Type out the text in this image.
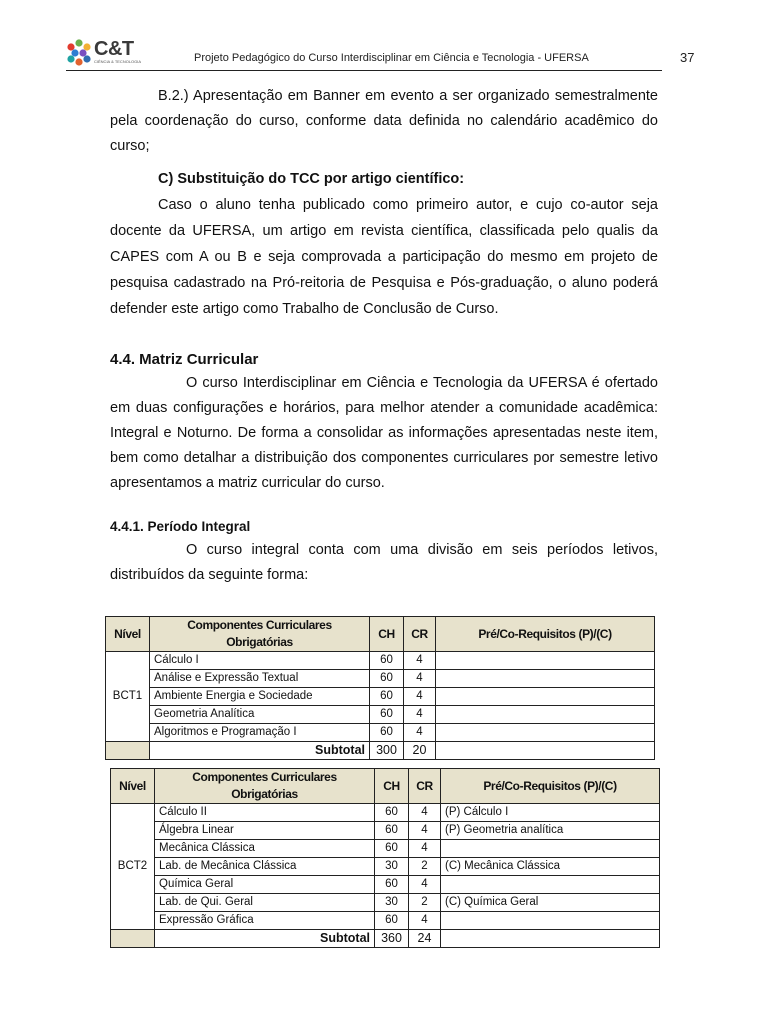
C&T
CIÊNCIA & TECNOLOGIA	Projeto Pedagógico do Curso Interdisciplinar em Ciência e Tecnologia - UFERSA	37

B.2.) Apresentação em Banner em evento a ser organizado semestralmente pela coordenação do curso, conforme data definida no calendário acadêmico do curso;

C) Substituição do TCC por artigo científico:

Caso o aluno tenha publicado como primeiro autor, e cujo co-autor seja docente da UFERSA, um artigo em revista científica, classificada pelo qualis da CAPES com A ou B e seja comprovada a participação do mesmo em projeto de pesquisa cadastrado na Pró-reitoria de Pesquisa e Pós-graduação, o aluno poderá defender este artigo como Trabalho de Conclusão de Curso.

4.4. Matriz Curricular

O curso Interdisciplinar em Ciência e Tecnologia da UFERSA é ofertado em duas configurações e horários, para melhor atender a comunidade acadêmica: Integral e Noturno. De forma a consolidar as informações apresentadas neste item, bem como detalhar a distribuição dos componentes curriculares por semestre letivo apresentamos a matriz curricular do curso.

4.4.1. Período Integral

O curso integral conta com uma divisão em seis períodos letivos, distribuídos da seguinte forma:

Nível	Componentes Curriculares Obrigatórias	CH	CR	Pré/Co-Requisitos (P)/(C)
BCT1	Cálculo I	60	4	
	Análise e Expressão Textual	60	4	
	Ambiente Energia e Sociedade	60	4	
	Geometria Analítica	60	4	
	Algoritmos e Programação I	60	4	
	Subtotal	300	20	
Nível	Componentes Curriculares Obrigatórias	CH	CR	Pré/Co-Requisitos (P)/(C)
BCT2	Cálculo II	60	4	(P) Cálculo I
	Álgebra Linear	60	4	(P) Geometria analítica
	Mecânica Clássica	60	4	
	Lab. de Mecânica Clássica	30	2	(C) Mecânica Clássica
	Química Geral	60	4	
	Lab. de Qui. Geral	30	2	(C) Química Geral
	Expressão Gráfica	60	4	
	Subtotal	360	24	
